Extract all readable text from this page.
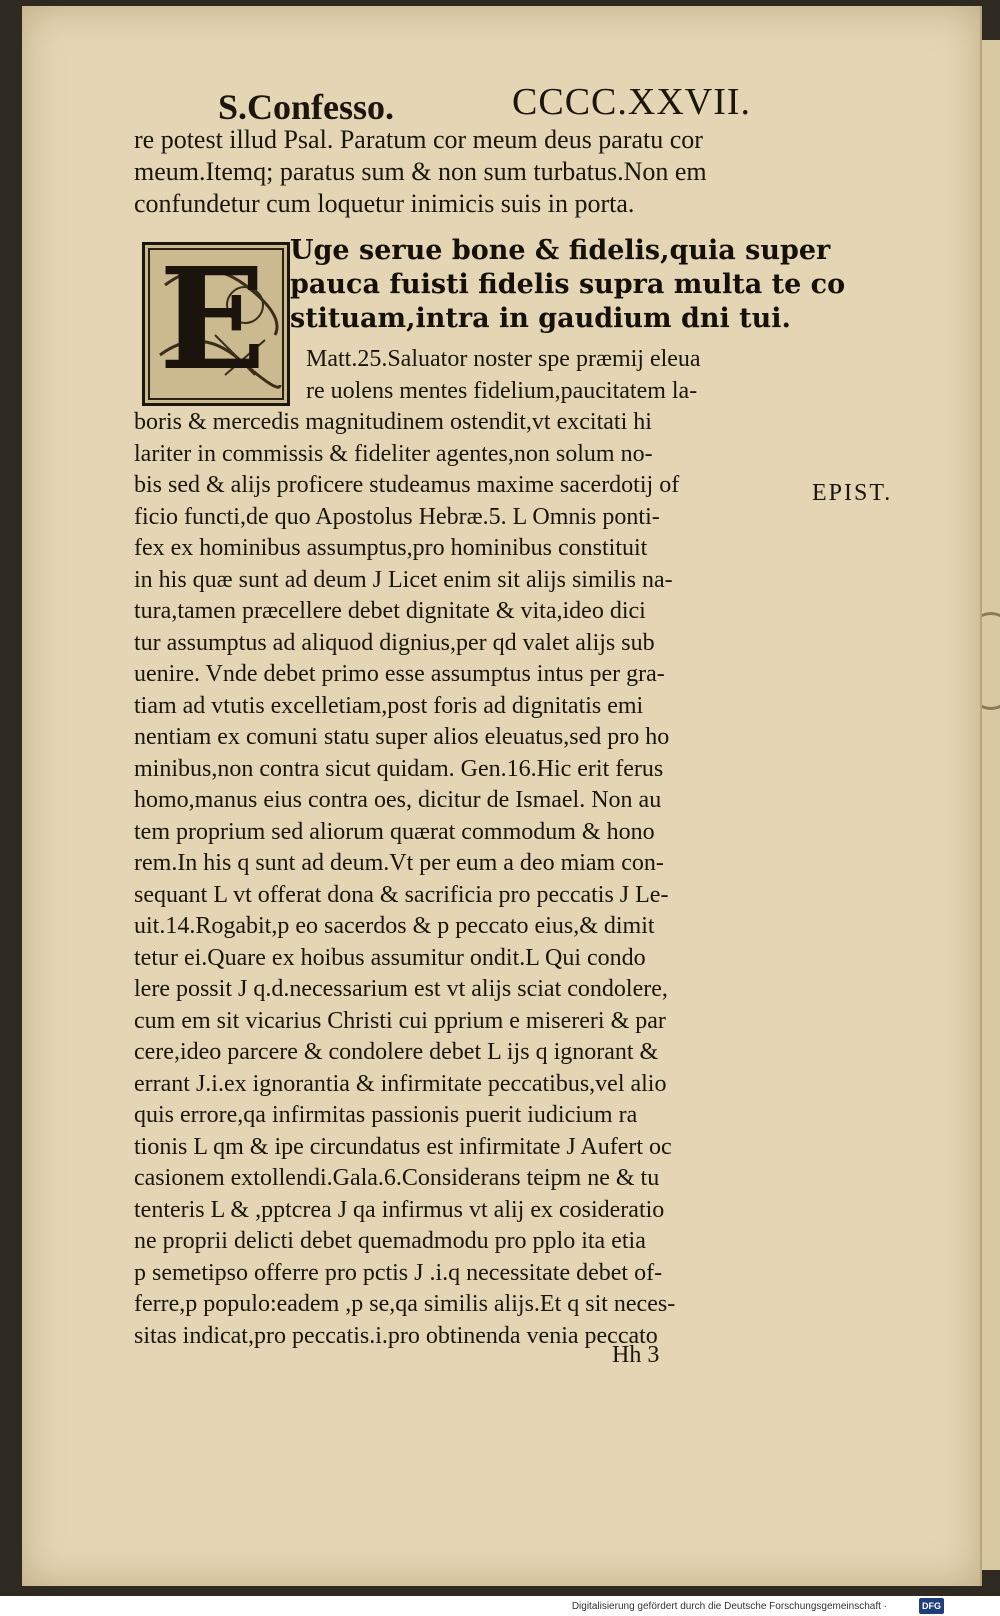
S.Confesso.	CCCC.XXVII.
re potest illud Psal. Paratum cor meum deus paratu cor
meum.Itemq; paratus sum & non sum turbatus.Non em
confundetur cum loquetur inimicis suis in porta.
E Uge serue bone & fidelis,quia super
pauca fuisti fidelis supra multa te co
stituam,intra in gaudium dni tui.
Matt.25.Saluator noster spe præmij eleua
re uolens mentes fidelium,paucitatem la-
boris & mercedis magnitudinem ostendit,vt excitati hi
lariter in commissis & fideliter agentes,non solum no-
bis sed & alijs proficere studeamus maxime sacerdotij of
ficio functi,de quo Apostolus Hebræ.5. L Omnis ponti-
fex ex hominibus assumptus,pro hominibus constituit
in his quæ sunt ad deum J Licet enim sit alijs similis na-
tura,tamen præcellere debet dignitate & vita,ideo dici
tur assumptus ad aliquod dignius,per qd valet alijs sub
uenire. Vnde debet primo esse assumptus intus per gra-
tiam ad vtutis excelletiam,post foris ad dignitatis emi
nentiam ex comuni statu super alios eleuatus,sed pro ho
minibus,non contra sicut quidam. Gen.16.Hic erit ferus
homo,manus eius contra oes, dicitur de Ismael. Non au
tem proprium sed aliorum quærat commodum & hono
rem.In his q sunt ad deum.Vt per eum a deo miam con-
sequant L vt offerat dona & sacrificia pro peccatis J Le-
uit.14.Rogabit,p eo sacerdos & p peccato eius,& dimit
tetur ei.Quare ex hoibus assumitur ondit.L Qui condo
lere possit J q.d.necessarium est vt alijs sciat condolere,
cum em sit vicarius Christi cui pprium e misereri & par
cere,ideo parcere & condolere debet L ijs q ignorant &
errant J.i.ex ignorantia & infirmitate peccatibus,vel alio
quis errore,qa infirmitas passionis puerit iudicium ra
tionis L qm & ipe circundatus est infirmitate J Aufert oc
casionem extollendi.Gala.6.Considerans teipm ne & tu
tenteris L & ,pptcrea J qa infirmus vt alij ex cosideratio
ne proprii delicti debet quemadmodu pro pplo ita etia
p semetipso offerre pro pctis J .i.q necessitate debet of-
ferre,p populo:eadem ,p se,qa similis alijs.Et q sit neces-
sitas indicat,pro peccatis.i.pro obtinenda venia peccato
EPIST.
Hh 3
Digitalisierung gefördert durch die Deutsche Forschungsgemeinschaft ·	DFG
